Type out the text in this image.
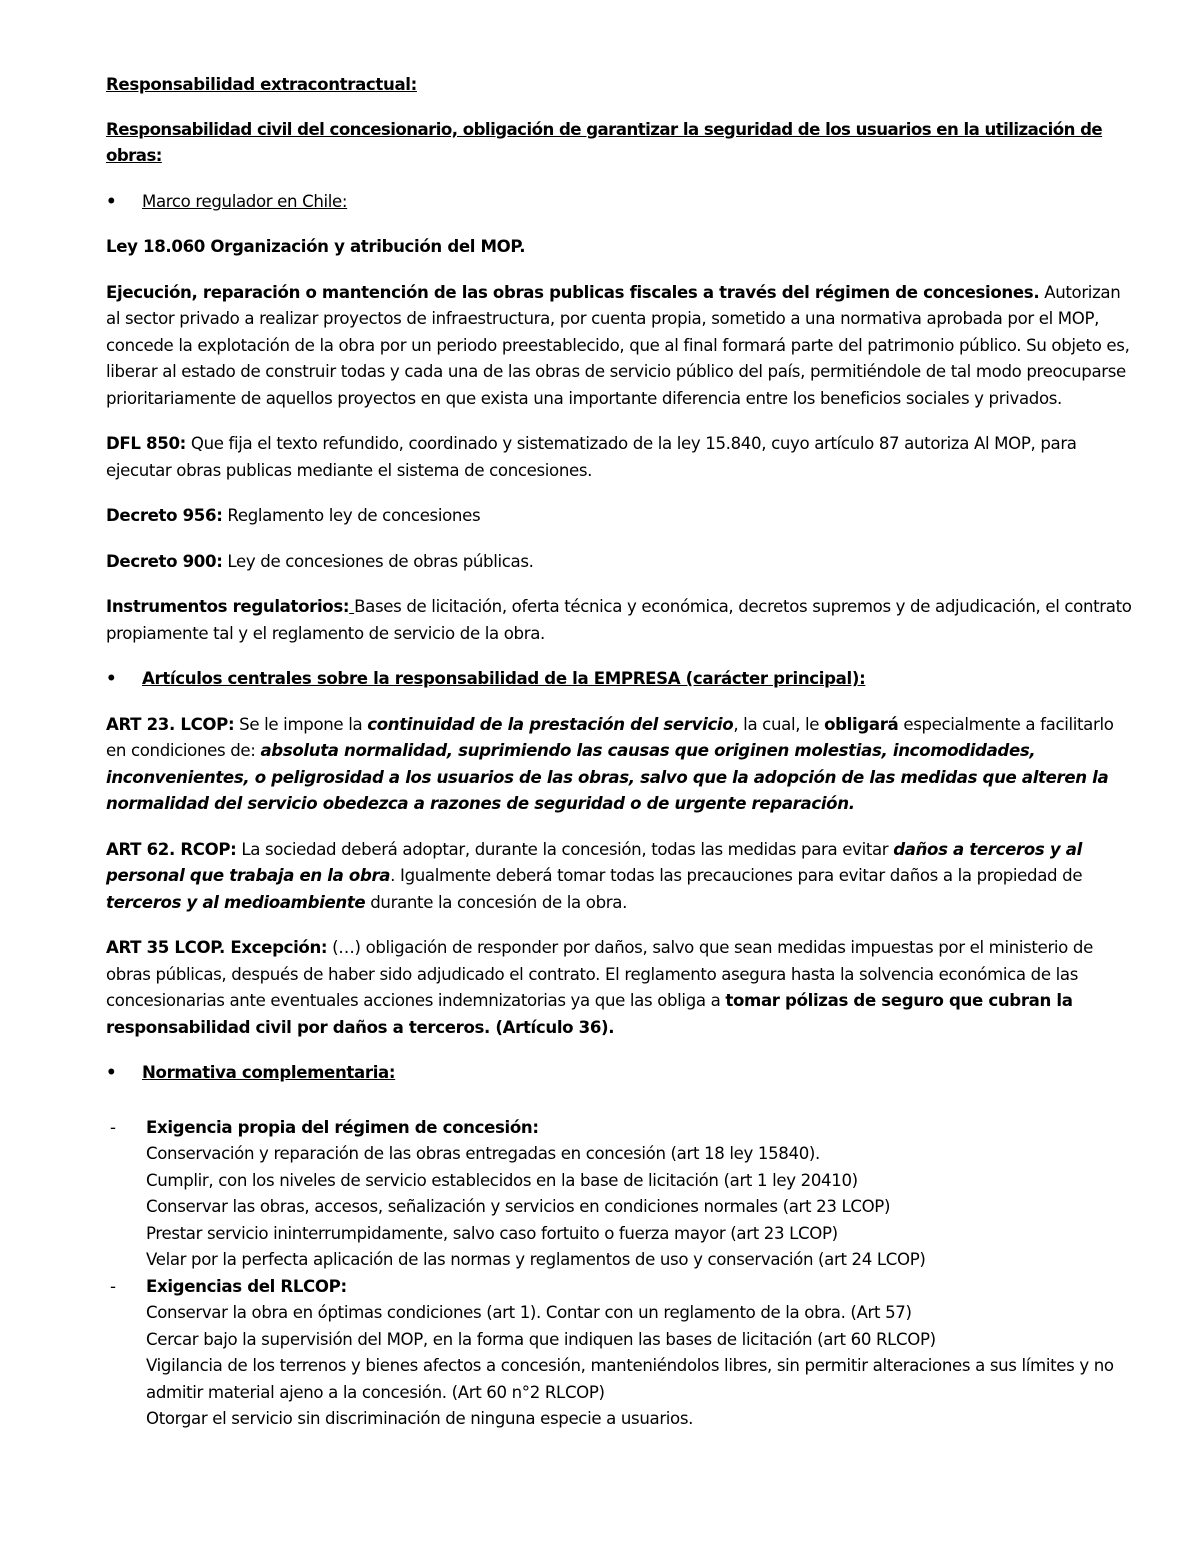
Responsabilidad extracontractual:

Responsabilidad civil del concesionario, obligación de garantizar la seguridad de los usuarios en la utilización de obras:

•	Marco regulador en Chile:

Ley 18.060 Organización y atribución del MOP.

Ejecución, reparación o mantención de las obras publicas fiscales a través del régimen de concesiones. Autorizan al sector privado a realizar proyectos de infraestructura, por cuenta propia, sometido a una normativa aprobada por el MOP, concede la explotación de la obra por un periodo preestablecido, que al final formará parte del patrimonio público. Su objeto es, liberar al estado de construir todas y cada una de las obras de servicio público del país, permitiéndole de tal modo preocuparse prioritariamente de aquellos proyectos en que exista una importante diferencia entre los beneficios sociales y privados.

DFL 850: Que fija el texto refundido, coordinado y sistematizado de la ley 15.840, cuyo artículo 87 autoriza Al MOP, para ejecutar obras publicas mediante el sistema de concesiones.

Decreto 956: Reglamento ley de concesiones

Decreto 900: Ley de concesiones de obras públicas.

Instrumentos regulatorios: Bases de licitación, oferta técnica y económica, decretos supremos y de adjudicación, el contrato propiamente tal y el reglamento de servicio de la obra.

•	Artículos centrales sobre la responsabilidad de la EMPRESA (carácter principal):

ART 23. LCOP: Se le impone la continuidad de la prestación del servicio, la cual, le obligará especialmente a facilitarlo en condiciones de: absoluta normalidad, suprimiendo las causas que originen molestias, incomodidades, inconvenientes, o peligrosidad a los usuarios de las obras, salvo que la adopción de las medidas que alteren la normalidad del servicio obedezca a razones de seguridad o de urgente reparación.

ART 62. RCOP: La sociedad deberá adoptar, durante la concesión, todas las medidas para evitar daños a terceros y al personal que trabaja en la obra. Igualmente deberá tomar todas las precauciones para evitar daños a la propiedad de terceros y al medioambiente durante la concesión de la obra.

ART 35 LCOP. Excepción: (…) obligación de responder por daños, salvo que sean medidas impuestas por el ministerio de obras públicas, después de haber sido adjudicado el contrato. El reglamento asegura hasta la solvencia económica de las concesionarias ante eventuales acciones indemnizatorias ya que las obliga a tomar pólizas de seguro que cubran la responsabilidad civil por daños a terceros. (Artículo 36).

•	Normativa complementaria:

- Exigencia propia del régimen de concesión:
Conservación y reparación de las obras entregadas en concesión (art 18 ley 15840).
Cumplir, con los niveles de servicio establecidos en la base de licitación (art 1 ley 20410)
Conservar las obras, accesos, señalización y servicios en condiciones normales (art 23 LCOP)
Prestar servicio ininterrumpidamente, salvo caso fortuito o fuerza mayor (art 23 LCOP)
Velar por la perfecta aplicación de las normas y reglamentos de uso y conservación (art 24 LCOP)
- Exigencias del RLCOP:
Conservar la obra en óptimas condiciones (art 1). Contar con un reglamento de la obra. (Art 57)
Cercar bajo la supervisión del MOP, en la forma que indiquen las bases de licitación (art 60 RLCOP)
Vigilancia de los terrenos y bienes afectos a concesión, manteniéndolos libres, sin permitir alteraciones a sus límites y no admitir material ajeno a la concesión. (Art 60 n°2 RLCOP)
Otorgar el servicio sin discriminación de ninguna especie a usuarios.
